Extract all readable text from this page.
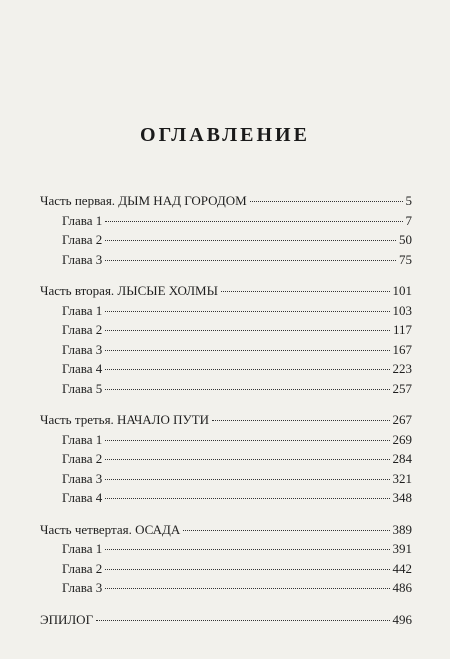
ОГЛАВЛЕНИЕ
Часть первая. ДЫМ НАД ГОРОДОМ	5
Глава 1	7
Глава 2	50
Глава 3	75
Часть вторая. ЛЫСЫЕ ХОЛМЫ	101
Глава 1	103
Глава 2	117
Глава 3	167
Глава 4	223
Глава 5	257
Часть третья. НАЧАЛО ПУТИ	267
Глава 1	269
Глава 2	284
Глава 3	321
Глава 4	348
Часть четвертая. ОСАДА	389
Глава 1	391
Глава 2	442
Глава 3	486
ЭПИЛОГ	496
